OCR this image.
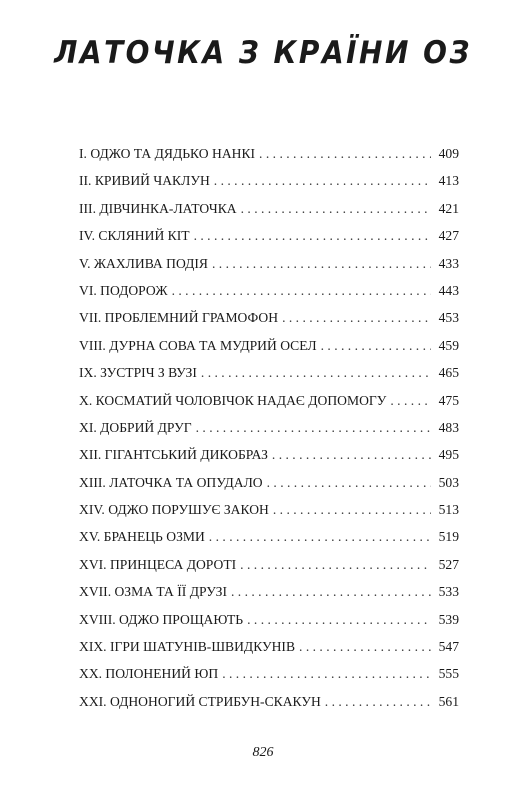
ЛАТОЧКА З КРАЇНИ ОЗ
I. ОДЖО ТА ДЯДЬКО НАНКІ . . .	409
II. КРИВИЙ ЧАКЛУН . . .	413
III. ДІВЧИНКА-ЛАТОЧКА . . .	421
IV. СКЛЯНИЙ КІТ . . .	427
V. ЖАХЛИВА ПОДІЯ . . .	433
VI. ПОДОРОЖ . . .	443
VII. ПРОБЛЕМНИЙ ГРАМОФОН . . .	453
VIII. ДУРНА СОВА ТА МУДРИЙ ОСЕЛ . . .	459
IX. ЗУСТРІЧ З ВУЗІ . . .	465
X. КОСМАТИЙ ЧОЛОВІЧОК НАДАЄ ДОПОМОГУ . . .	475
XI. ДОБРИЙ ДРУГ . . .	483
XII. ГІГАНТСЬКИЙ ДИКОБРАЗ . . .	495
XIII. ЛАТОЧКА ТА ОПУДАЛО . . .	503
XIV. ОДЖО ПОРУШУЄ ЗАКОН . . .	513
XV. БРАНЕЦЬ ОЗМИ . . .	519
XVI. ПРИНЦЕСА ДОРОТІ . . .	527
XVII. ОЗМА ТА ЇЇ ДРУЗІ . . .	533
XVIII. ОДЖО ПРОЩАЮТЬ . . .	539
XIX. ІГРИ ШАТУНІВ-ШВИДКУНІВ . . .	547
XX. ПОЛОНЕНИЙ ЮП . . .	555
XXI. ОДНОНОГИЙ СТРИБУН-СКАКУН . . .	561
826
